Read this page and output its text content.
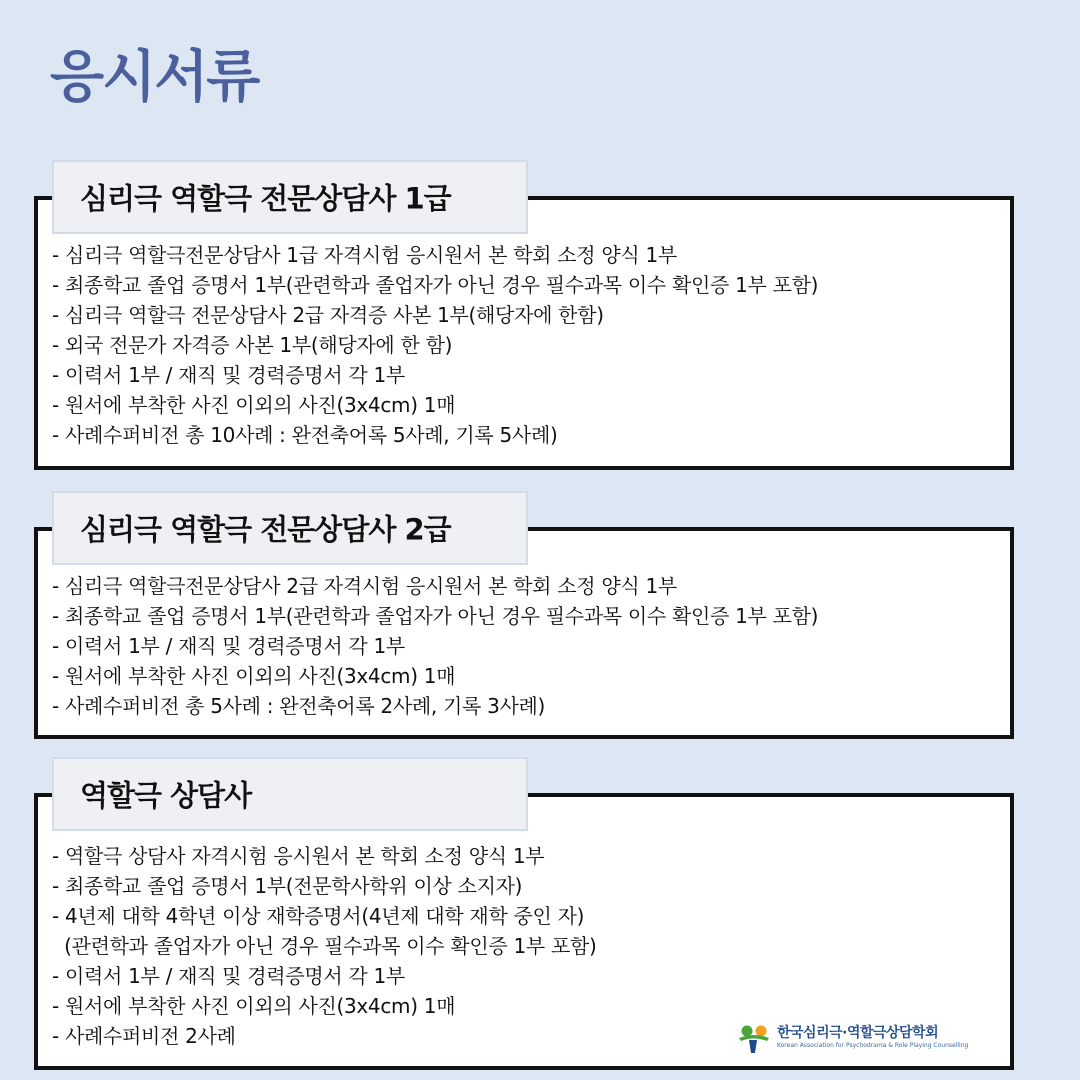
응시서류
- 심리극 역할극전문상담사 1급 자격시험 응시원서 본 학회 소정 양식 1부
- 최종학교 졸업 증명서 1부(관련학과 졸업자가 아닌 경우 필수과목 이수 확인증 1부 포함)
- 심리극 역할극 전문상담사 2급 자격증 사본 1부(해당자에 한함)
- 외국 전문가 자격증 사본 1부(해당자에 한 함)
- 이력서 1부 / 재직 및 경력증명서 각 1부
- 원서에 부착한 사진 이외의 사진(3x4cm) 1매
- 사례수퍼비전 총 10사례 : 완전축어록 5사례, 기록 5사례)
심리극 역할극 전문상담사 1급
- 심리극 역할극전문상담사 2급 자격시험 응시원서 본 학회 소정 양식 1부
- 최종학교 졸업 증명서 1부(관련학과 졸업자가 아닌 경우 필수과목 이수 확인증 1부 포함)
- 이력서 1부 / 재직 및 경력증명서 각 1부
- 원서에 부착한 사진 이외의 사진(3x4cm) 1매
- 사례수퍼비전 총 5사례 : 완전축어록 2사례, 기록 3사례)
심리극 역할극 전문상담사 2급
- 역할극 상담사 자격시험 응시원서 본 학회 소정 양식 1부
- 최종학교 졸업 증명서 1부(전문학사학위 이상 소지자)
- 4년제 대학 4학년 이상 재학증명서(4년제 대학 재학 중인 자)
(관련학과 졸업자가 아닌 경우 필수과목 이수 확인증 1부 포함)
- 이력서 1부 / 재직 및 경력증명서 각 1부
- 원서에 부착한 사진 이외의 사진(3x4cm) 1매
- 사례수퍼비전 2사례
역할극 상담사
한국심리극·역할극상담학회
Korean Association for Psychodrama & Role Playing Counselling
